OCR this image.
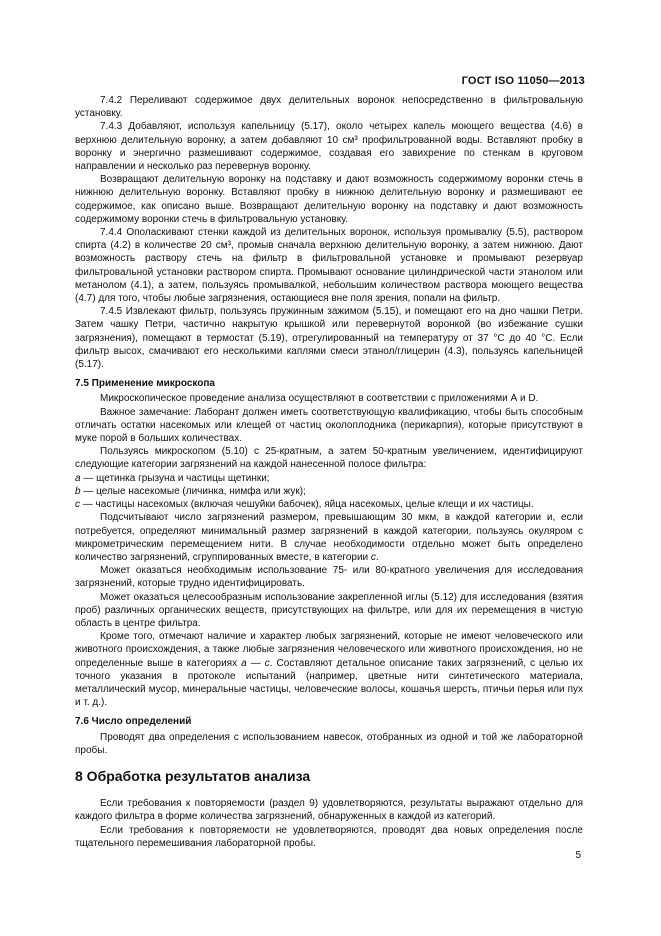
ГОСТ ISO 11050—2013

7.4.2 Переливают содержимое двух делительных воронок непосредственно в фильтровальную установку.

7.4.3 Добавляют, используя капельницу (5.17), около четырех капель моющего вещества (4.6) в верхнюю делительную воронку, а затем добавляют 10 см³ профильтрованной воды. Вставляют пробку в воронку и энергично размешивают содержимое, создавая его завихрение по стенкам в круговом направлении и несколько раз перевернув воронку.

Возвращают делительную воронку на подставку и дают возможность содержимому воронки стечь в нижнюю делительную воронку. Вставляют пробку в нижнюю делительную воронку и размешивают ее содержимое, как описано выше. Возвращают делительную воронку на подставку и дают возможность содержимому воронки стечь в фильтровальную установку.

7.4.4 Ополаскивают стенки каждой из делительных воронок, используя промывалку (5.5), раствором спирта (4.2) в количестве 20 см³, промыв сначала верхнюю делительную воронку, а затем нижнюю. Дают возможность раствору стечь на фильтр в фильтровальной установке и промывают резервуар фильтровальной установки раствором спирта. Промывают основание цилиндрической части этанолом или метанолом (4.1), а затем, пользуясь промывалкой, небольшим количеством раствора моющего вещества (4.7) для того, чтобы любые загрязнения, остающиеся вне поля зрения, попали на фильтр.

7.4.5 Извлекают фильтр, пользуясь пружинным зажимом (5.15), и помещают его на дно чашки Петри. Затем чашку Петри, частично накрытую крышкой или перевернутой воронкой (во избежание сушки загрязнения), помещают в термостат (5.19), отрегулированный на температуру от 37 °С до 40 °С. Если фильтр высох, смачивают его несколькими каплями смеси этанол/глицерин (4.3), пользуясь капельницей (5.17).

7.5 Применение микроскопа

Микроскопическое проведение анализа осуществляют в соответствии с приложениями А и D.

Важное замечание: Лаборант должен иметь соответствующую квалификацию, чтобы быть способным отличать остатки насекомых или клещей от частиц околоплодника (перикарпия), которые присутствуют в муке порой в больших количествах.

Пользуясь микроскопом (5.10) с 25-кратным, а затем 50-кратным увеличением, идентифицируют следующие категории загрязнений на каждой нанесенной полосе фильтра:

а — щетинка грызуна и частицы щетинки;

b — целые насекомые (личинка, нимфа или жук);

с — частицы насекомых (включая чешуйки бабочек), яйца насекомых, целые клещи и их частицы.

Подсчитывают число загрязнений размером, превышающим 30 мкм, в каждой категории и, если потребуется, определяют минимальный размер загрязнений в каждой категории, пользуясь окуляром с микрометрическим перемещением нити. В случае необходимости отдельно может быть определено количество загрязнений, сгруппированных вместе, в категории с.

Может оказаться необходимым использование 75- или 80-кратного увеличения для исследования загрязнений, которые трудно идентифицировать.

Может оказаться целесообразным использование закрепленной иглы (5.12) для исследования (взятия проб) различных органических веществ, присутствующих на фильтре, или для их перемещения в чистую область в центре фильтра.

Кроме того, отмечают наличие и характер любых загрязнений, которые не имеют человеческого или животного происхождения, а также любые загрязнения человеческого или животного происхождения, но не определенные выше в категориях а — с. Составляют детальное описание таких загрязнений, с целью их точного указания в протоколе испытаний (например, цветные нити синтетического материала, металлический мусор, минеральные частицы, человеческие волосы, кошачья шерсть, птичьи перья или пух и т. д.).

7.6 Число определений

Проводят два определения с использованием навесок, отобранных из одной и той же лабораторной пробы.

8 Обработка результатов анализа

Если требования к повторяемости (раздел 9) удовлетворяются, результаты выражают отдельно для каждого фильтра в форме количества загрязнений, обнаруженных в каждой из категорий.

Если требования к повторяемости не удовлетворяются, проводят два новых определения после тщательного перемешивания лабораторной пробы.

5
